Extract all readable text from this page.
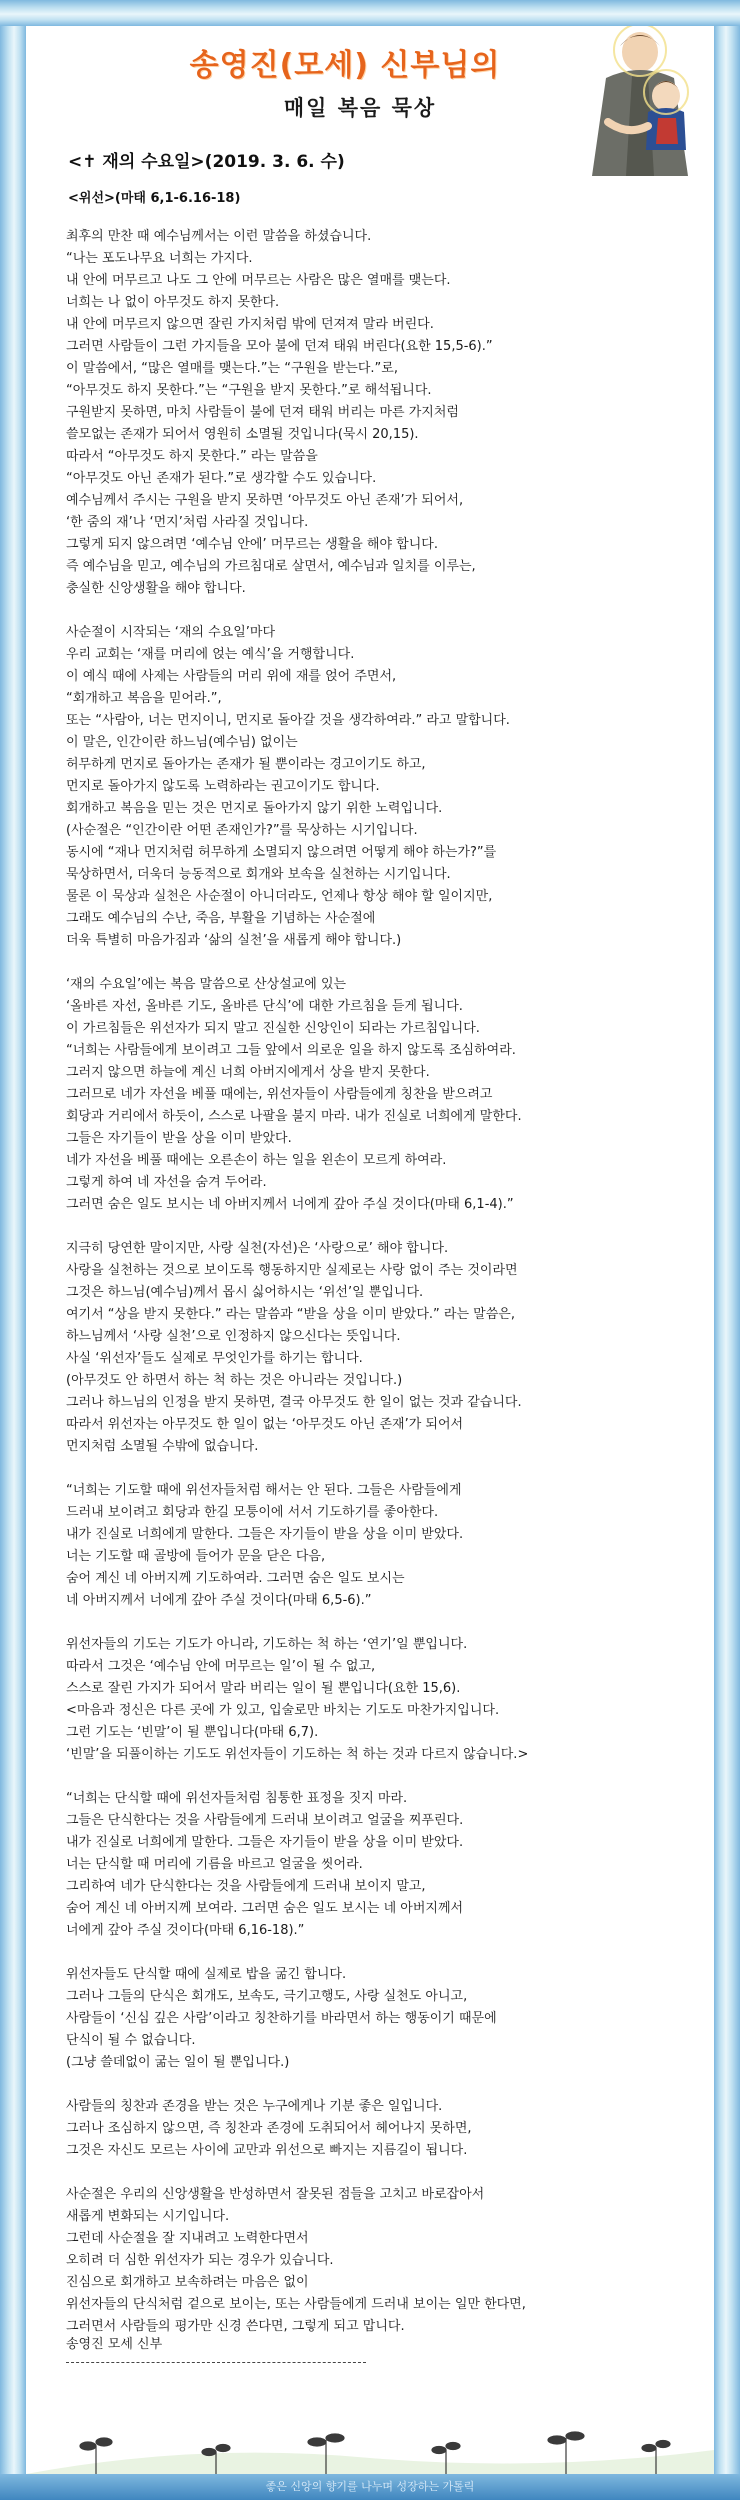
송영진(모세) 신부님의
매일 복음 묵상
<✝ 재의 수요일>(2019. 3. 6. 수)
<위선>(마태 6,1-6.16-18)
최후의 만찬 때 예수님께서는 이런 말씀을 하셨습니다.
“나는 포도나무요 너희는 가지다.
내 안에 머무르고 나도 그 안에 머무르는 사람은 많은 열매를 맺는다.
너희는 나 없이 아무것도 하지 못한다.
내 안에 머무르지 않으면 잘린 가지처럼 밖에 던져져 말라 버린다.
그러면 사람들이 그런 가지들을 모아 불에 던져 태워 버린다(요한 15,5-6).”
이 말씀에서, “많은 열매를 맺는다.”는 “구원을 받는다.”로,
“아무것도 하지 못한다.”는 “구원을 받지 못한다.”로 해석됩니다.
구원받지 못하면, 마치 사람들이 불에 던져 태워 버리는 마른 가지처럼
쓸모없는 존재가 되어서 영원히 소멸될 것입니다(묵시 20,15).
따라서 “아무것도 하지 못한다.” 라는 말씀을
“아무것도 아닌 존재가 된다.”로 생각할 수도 있습니다.
예수님께서 주시는 구원을 받지 못하면 ‘아무것도 아닌 존재’가 되어서,
‘한 줌의 재’나 ‘먼지’처럼 사라질 것입니다.
그렇게 되지 않으려면 ‘예수님 안에’ 머무르는 생활을 해야 합니다.
즉 예수님을 믿고, 예수님의 가르침대로 살면서, 예수님과 일치를 이루는,
충실한 신앙생활을 해야 합니다.
사순절이 시작되는 ‘재의 수요일’마다
우리 교회는 ‘재를 머리에 얹는 예식’을 거행합니다.
이 예식 때에 사제는 사람들의 머리 위에 재를 얹어 주면서,
“회개하고 복음을 믿어라.”,
또는 “사람아, 너는 먼지이니, 먼지로 돌아갈 것을 생각하여라.” 라고 말합니다.
이 말은, 인간이란 하느님(예수님) 없이는
허무하게 먼지로 돌아가는 존재가 될 뿐이라는 경고이기도 하고,
먼지로 돌아가지 않도록 노력하라는 권고이기도 합니다.
회개하고 복음을 믿는 것은 먼지로 돌아가지 않기 위한 노력입니다.
(사순절은 “인간이란 어떤 존재인가?”를 묵상하는 시기입니다.
동시에 “재나 먼지처럼 허무하게 소멸되지 않으려면 어떻게 해야 하는가?”를
묵상하면서, 더욱더 능동적으로 회개와 보속을 실천하는 시기입니다.
물론 이 묵상과 실천은 사순절이 아니더라도, 언제나 항상 해야 할 일이지만,
그래도 예수님의 수난, 죽음, 부활을 기념하는 사순절에
더욱 특별히 마음가짐과 ‘삶의 실천’을 새롭게 해야 합니다.)
‘재의 수요일’에는 복음 말씀으로 산상설교에 있는
‘올바른 자선, 올바른 기도, 올바른 단식’에 대한 가르침을 듣게 됩니다.
이 가르침들은 위선자가 되지 말고 진실한 신앙인이 되라는 가르침입니다.
“너희는 사람들에게 보이려고 그들 앞에서 의로운 일을 하지 않도록 조심하여라.
그러지 않으면 하늘에 계신 너희 아버지에게서 상을 받지 못한다.
그러므로 네가 자선을 베풀 때에는, 위선자들이 사람들에게 칭찬을 받으려고
회당과 거리에서 하듯이, 스스로 나팔을 불지 마라. 내가 진실로 너희에게 말한다.
그들은 자기들이 받을 상을 이미 받았다.
네가 자선을 베풀 때에는 오른손이 하는 일을 왼손이 모르게 하여라.
그렇게 하여 네 자선을 숨겨 두어라.
그러면 숨은 일도 보시는 네 아버지께서 너에게 갚아 주실 것이다(마태 6,1-4).”
지극히 당연한 말이지만, 사랑 실천(자선)은 ‘사랑으로’ 해야 합니다.
사랑을 실천하는 것으로 보이도록 행동하지만 실제로는 사랑 없이 주는 것이라면
그것은 하느님(예수님)께서 몹시 싫어하시는 ‘위선’일 뿐입니다.
여기서 “상을 받지 못한다.” 라는 말씀과 “받을 상을 이미 받았다.” 라는 말씀은,
하느님께서 ‘사랑 실천’으로 인정하지 않으신다는 뜻입니다.
사실 ‘위선자’들도 실제로 무엇인가를 하기는 합니다.
(아무것도 안 하면서 하는 척 하는 것은 아니라는 것입니다.)
그러나 하느님의 인정을 받지 못하면, 결국 아무것도 한 일이 없는 것과 같습니다.
따라서 위선자는 아무것도 한 일이 없는 ‘아무것도 아닌 존재’가 되어서
먼지처럼 소멸될 수밖에 없습니다.
“너희는 기도할 때에 위선자들처럼 해서는 안 된다. 그들은 사람들에게
드러내 보이려고 회당과 한길 모퉁이에 서서 기도하기를 좋아한다.
내가 진실로 너희에게 말한다. 그들은 자기들이 받을 상을 이미 받았다.
너는 기도할 때 골방에 들어가 문을 닫은 다음,
숨어 계신 네 아버지께 기도하여라. 그러면 숨은 일도 보시는
네 아버지께서 너에게 갚아 주실 것이다(마태 6,5-6).”
위선자들의 기도는 기도가 아니라, 기도하는 척 하는 ‘연기’일 뿐입니다.
따라서 그것은 ‘예수님 안에 머무르는 일’이 될 수 없고,
스스로 잘린 가지가 되어서 말라 버리는 일이 될 뿐입니다(요한 15,6).
<마음과 정신은 다른 곳에 가 있고, 입술로만 바치는 기도도 마찬가지입니다.
그런 기도는 ‘빈말’이 될 뿐입니다(마태 6,7).
‘빈말’을 되풀이하는 기도도 위선자들이 기도하는 척 하는 것과 다르지 않습니다.>
“너희는 단식할 때에 위선자들처럼 침통한 표정을 짓지 마라.
그들은 단식한다는 것을 사람들에게 드러내 보이려고 얼굴을 찌푸린다.
내가 진실로 너희에게 말한다. 그들은 자기들이 받을 상을 이미 받았다.
너는 단식할 때 머리에 기름을 바르고 얼굴을 씻어라.
그리하여 네가 단식한다는 것을 사람들에게 드러내 보이지 말고,
숨어 계신 네 아버지께 보여라. 그러면 숨은 일도 보시는 네 아버지께서
너에게 갚아 주실 것이다(마태 6,16-18).”
위선자들도 단식할 때에 실제로 밥을 굶긴 합니다.
그러나 그들의 단식은 회개도, 보속도, 극기고행도, 사랑 실천도 아니고,
사람들이 ‘신심 깊은 사람’이라고 칭찬하기를 바라면서 하는 행동이기 때문에
단식이 될 수 없습니다.
(그냥 쓸데없이 굶는 일이 될 뿐입니다.)
사람들의 칭찬과 존경을 받는 것은 누구에게나 기분 좋은 일입니다.
그러나 조심하지 않으면, 즉 칭찬과 존경에 도취되어서 헤어나지 못하면,
그것은 자신도 모르는 사이에 교만과 위선으로 빠지는 지름길이 됩니다.
사순절은 우리의 신앙생활을 반성하면서 잘못된 점들을 고치고 바로잡아서
새롭게 변화되는 시기입니다.
그런데 사순절을 잘 지내려고 노력한다면서
오히려 더 심한 위선자가 되는 경우가 있습니다.
진심으로 회개하고 보속하려는 마음은 없이
위선자들의 단식처럼 겉으로 보이는, 또는 사람들에게 드러내 보이는 일만 한다면,
그러면서 사람들의 평가만 신경 쓴다면, 그렇게 되고 맙니다.
송영진 모세 신부
좋은 신앙의 향기를 나누며 성장하는 가톨릭
